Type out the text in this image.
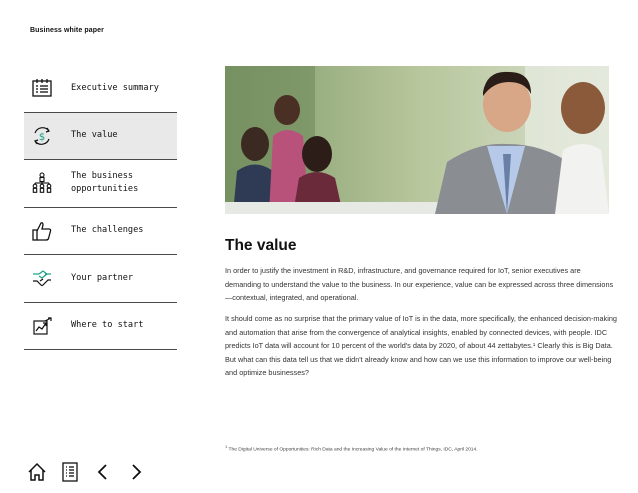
Business white paper
Executive summary
$	The value
The business
opportunities
The challenges
Your partner
Where to start
The value

In order to justify the investment in R&D, infrastructure, and governance required for IoT, senior executives are demanding to understand the value to the business. In our experience, value can be expressed across three dimensions—contextual, integrated, and operational.

It should come as no surprise that the primary value of IoT is in the data, more specifically, the enhanced decision-making and automation that arise from the convergence of analytical insights, enabled by connected devices, with people. IDC predicts IoT data will account for 10 percent of the world's data by 2020, of about 44 zettabytes.¹ Clearly this is Big Data. But what can this data tell us that we didn't already know and how can we use this information to improve our well-being and optimize businesses?

$^1$ The Digital Universe of Opportunities: Rich Data and the Increasing Value of the Internet of Things, IDC, April 2014.
